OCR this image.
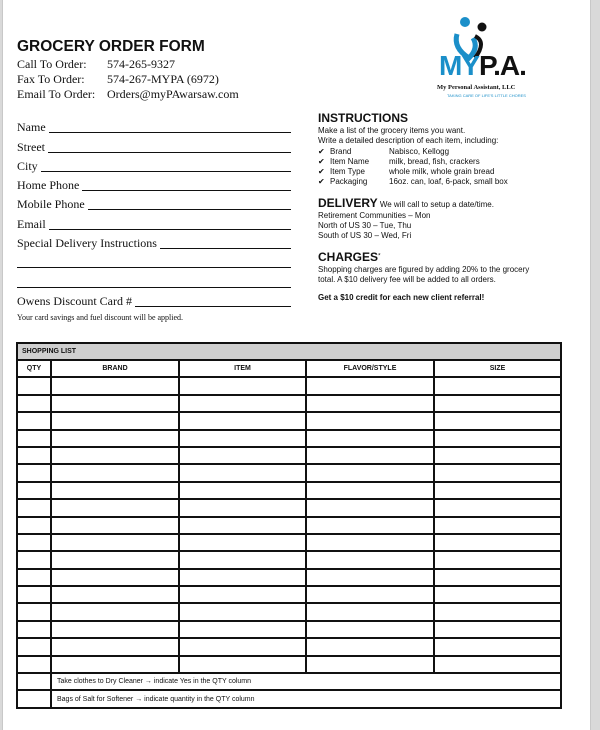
GROCERY ORDER FORM
Call To Order: 574-265-9327
Fax To Order: 574-267-MYPA (6972)
Email To Order: Orders@myPAwarsaw.com
MYP.A.
My Personal Assistant, LLC
TAKING CARE OF LIFE'S LITTLE CHORES
Name
Street
City
Home Phone
Mobile Phone
Email
Special Delivery Instructions
Owens Discount Card #
Your card savings and fuel discount will be applied.
INSTRUCTIONS
Make a list of the grocery items you want.
Write a detailed description of each item, including:
✔ Brand	Nabisco, Kellogg
✔ Item Name	milk, bread, fish, crackers
✔ Item Type	whole milk, whole grain bread
✔ Packaging	16oz. can, loaf, 6-pack, small box
DELIVERY We will call to setup a date/time.
Retirement Communities – Mon
North of US 30 – Tue, Thu
South of US 30 – Wed, Fri
CHARGES*
Shopping charges are figured by adding 20% to the grocery total. A $10 delivery fee will be added to all orders.
Get a $10 credit for each new client referral!
SHOPPING LIST				
QTY	BRAND	ITEM	FLAVOR/STYLE	SIZE

	Take clothes to Dry Cleaner → indicate Yes in the QTY column			
	Bags of Salt for Softener → indicate quantity in the QTY column			
